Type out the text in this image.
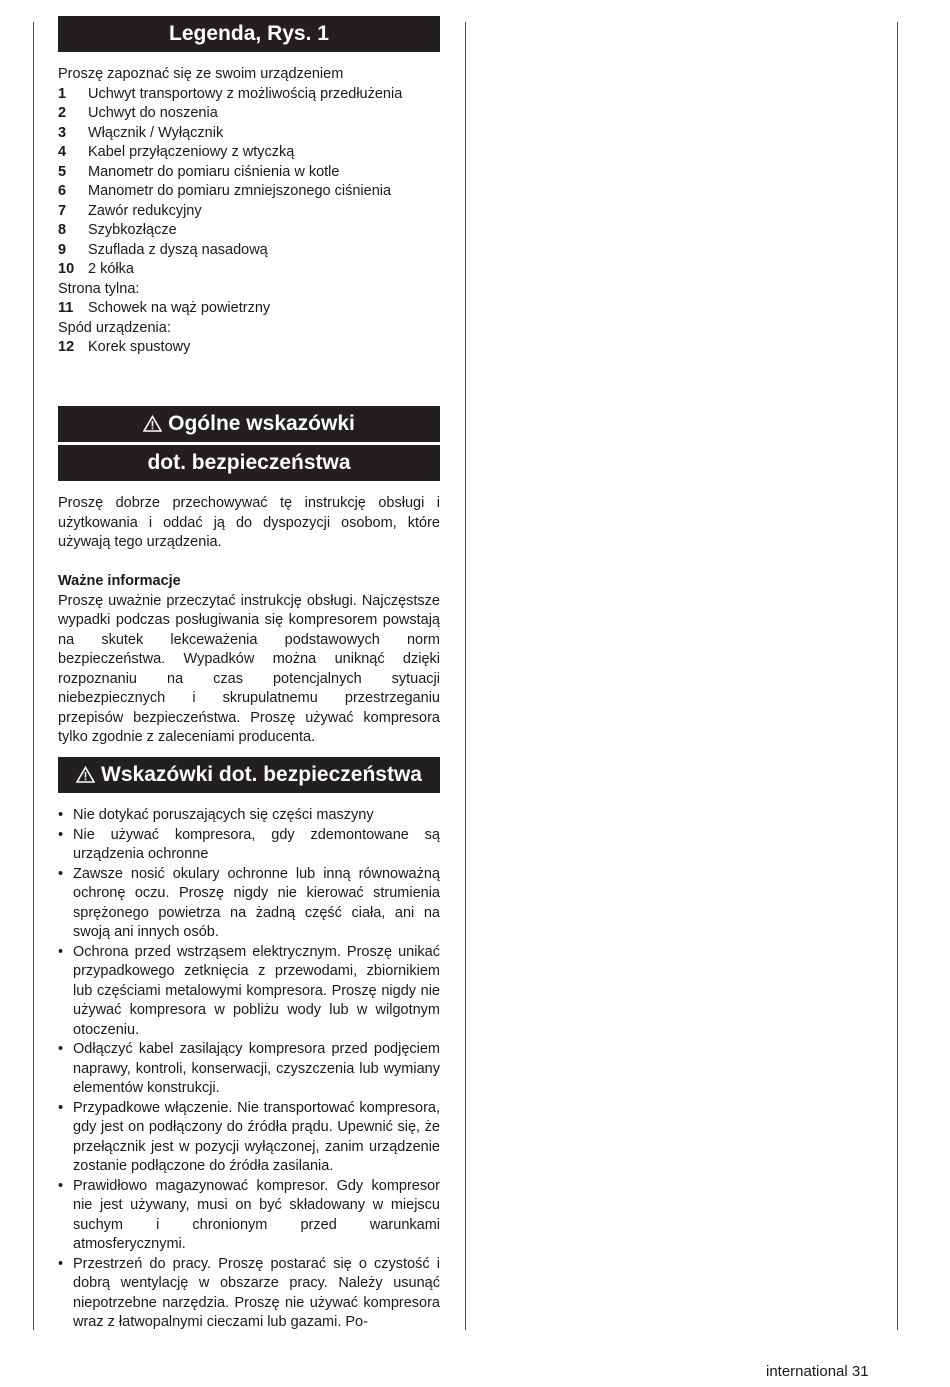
Legenda, Rys. 1
Proszę zapoznać się ze swoim urządzeniem
1	Uchwyt transportowy z możliwością przedłużenia
2	Uchwyt do noszenia
3	Włącznik / Wyłącznik
4	Kabel przyłączeniowy z wtyczką
5	Manometr do pomiaru ciśnienia w kotle
6	Manometr do pomiaru zmniejszonego ciśnienia
7	Zawór redukcyjny
8	Szybkozłącze
9	Szuflada z dyszą nasadową
10 2 kółka
Strona tylna:
11	Schowek na wąż powietrzny
Spód urządzenia:
12 Korek spustowy
Ogólne wskazówki
dot. bezpieczeństwa
Proszę dobrze przechowywać tę instrukcję obsługi i użytkowania i oddać ją do dyspozycji osobom, które używają tego urządzenia.
Ważne informacje
Proszę uważnie przeczytać instrukcję obsługi. Najczęstsze wypadki podczas posługiwania się kompresorem powstają na skutek lekceważenia podstawowych norm bezpieczeństwa. Wypadków można uniknąć dzięki rozpoznaniu na czas potencjalnych sytuacji niebezpiecznych i skrupulatnemu przestrzeganiu przepisów bezpieczeństwa. Proszę używać kompresora tylko zgodnie z zaleceniami producenta.
Wskazówki dot. bezpieczeństwa
• Nie dotykać poruszających się części maszyny
• Nie używać kompresora, gdy zdemontowane są urządzenia ochronne
• Zawsze nosić okulary ochronne lub inną równoważną ochronę oczu. Proszę nigdy nie kierować strumienia sprężonego powietrza na żadną część ciała, ani na swoją ani innych osób.
• Ochrona przed wstrząsem elektrycznym. Proszę unikać przypadkowego zetknięcia z przewodami, zbiornikiem lub częściami metalowymi kompresora. Proszę nigdy nie używać kompresora w pobliżu wody lub w wilgotnym otoczeniu.
• Odłączyć kabel zasilający kompresora przed podjęciem naprawy, kontroli, konserwacji, czyszczenia lub wymiany elementów konstrukcji.
• Przypadkowe włączenie. Nie transportować kompresora, gdy jest on podłączony do źródła prądu. Upewnić się, że przełącznik jest w pozycji wyłączonej, zanim urządzenie zostanie podłączone do źródła zasilania.
• Prawidłowo magazynować kompresor. Gdy kompresor nie jest używany, musi on być składowany w miejscu suchym i chronionym przed warunkami atmosferycznymi.
• Przestrzeń do pracy. Proszę postarać się o czystość i dobrą wentylację w obszarze pracy. Należy usunąć niepotrzebne narzędzia. Proszę nie używać kompresora wraz z łatwopalnymi cieczami lub gazami. Po-
international 31
